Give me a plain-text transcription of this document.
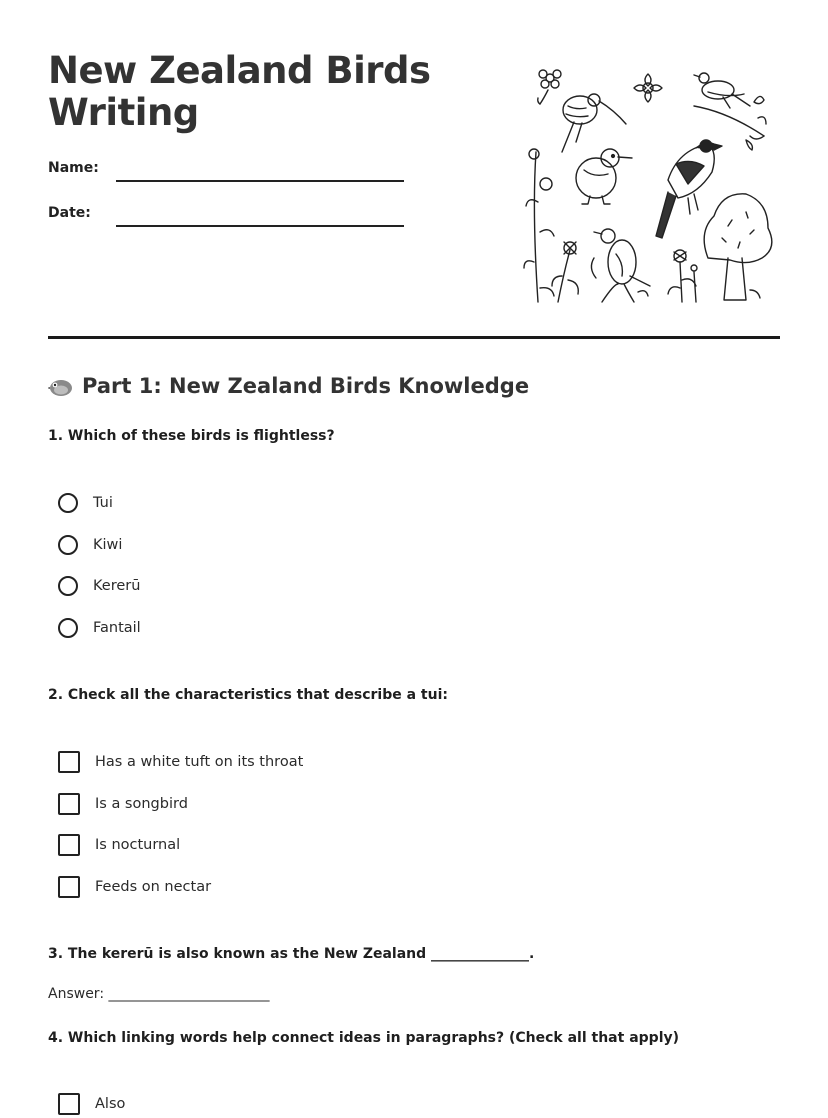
New Zealand Birds
Writing
Name:
Date:
Part 1: New Zealand Birds Knowledge

1. Which of these birds is flightless?

Tui
Kiwi
Kererū
Fantail

2. Check all the characteristics that describe a tui:

Has a white tuft on its throat
Is a songbird
Is nocturnal
Feeds on nectar

3. The kererū is also known as the New Zealand ______________.

Answer: _______________________

4. Which linking words help connect ideas in paragraphs? (Check all that apply)

Also
